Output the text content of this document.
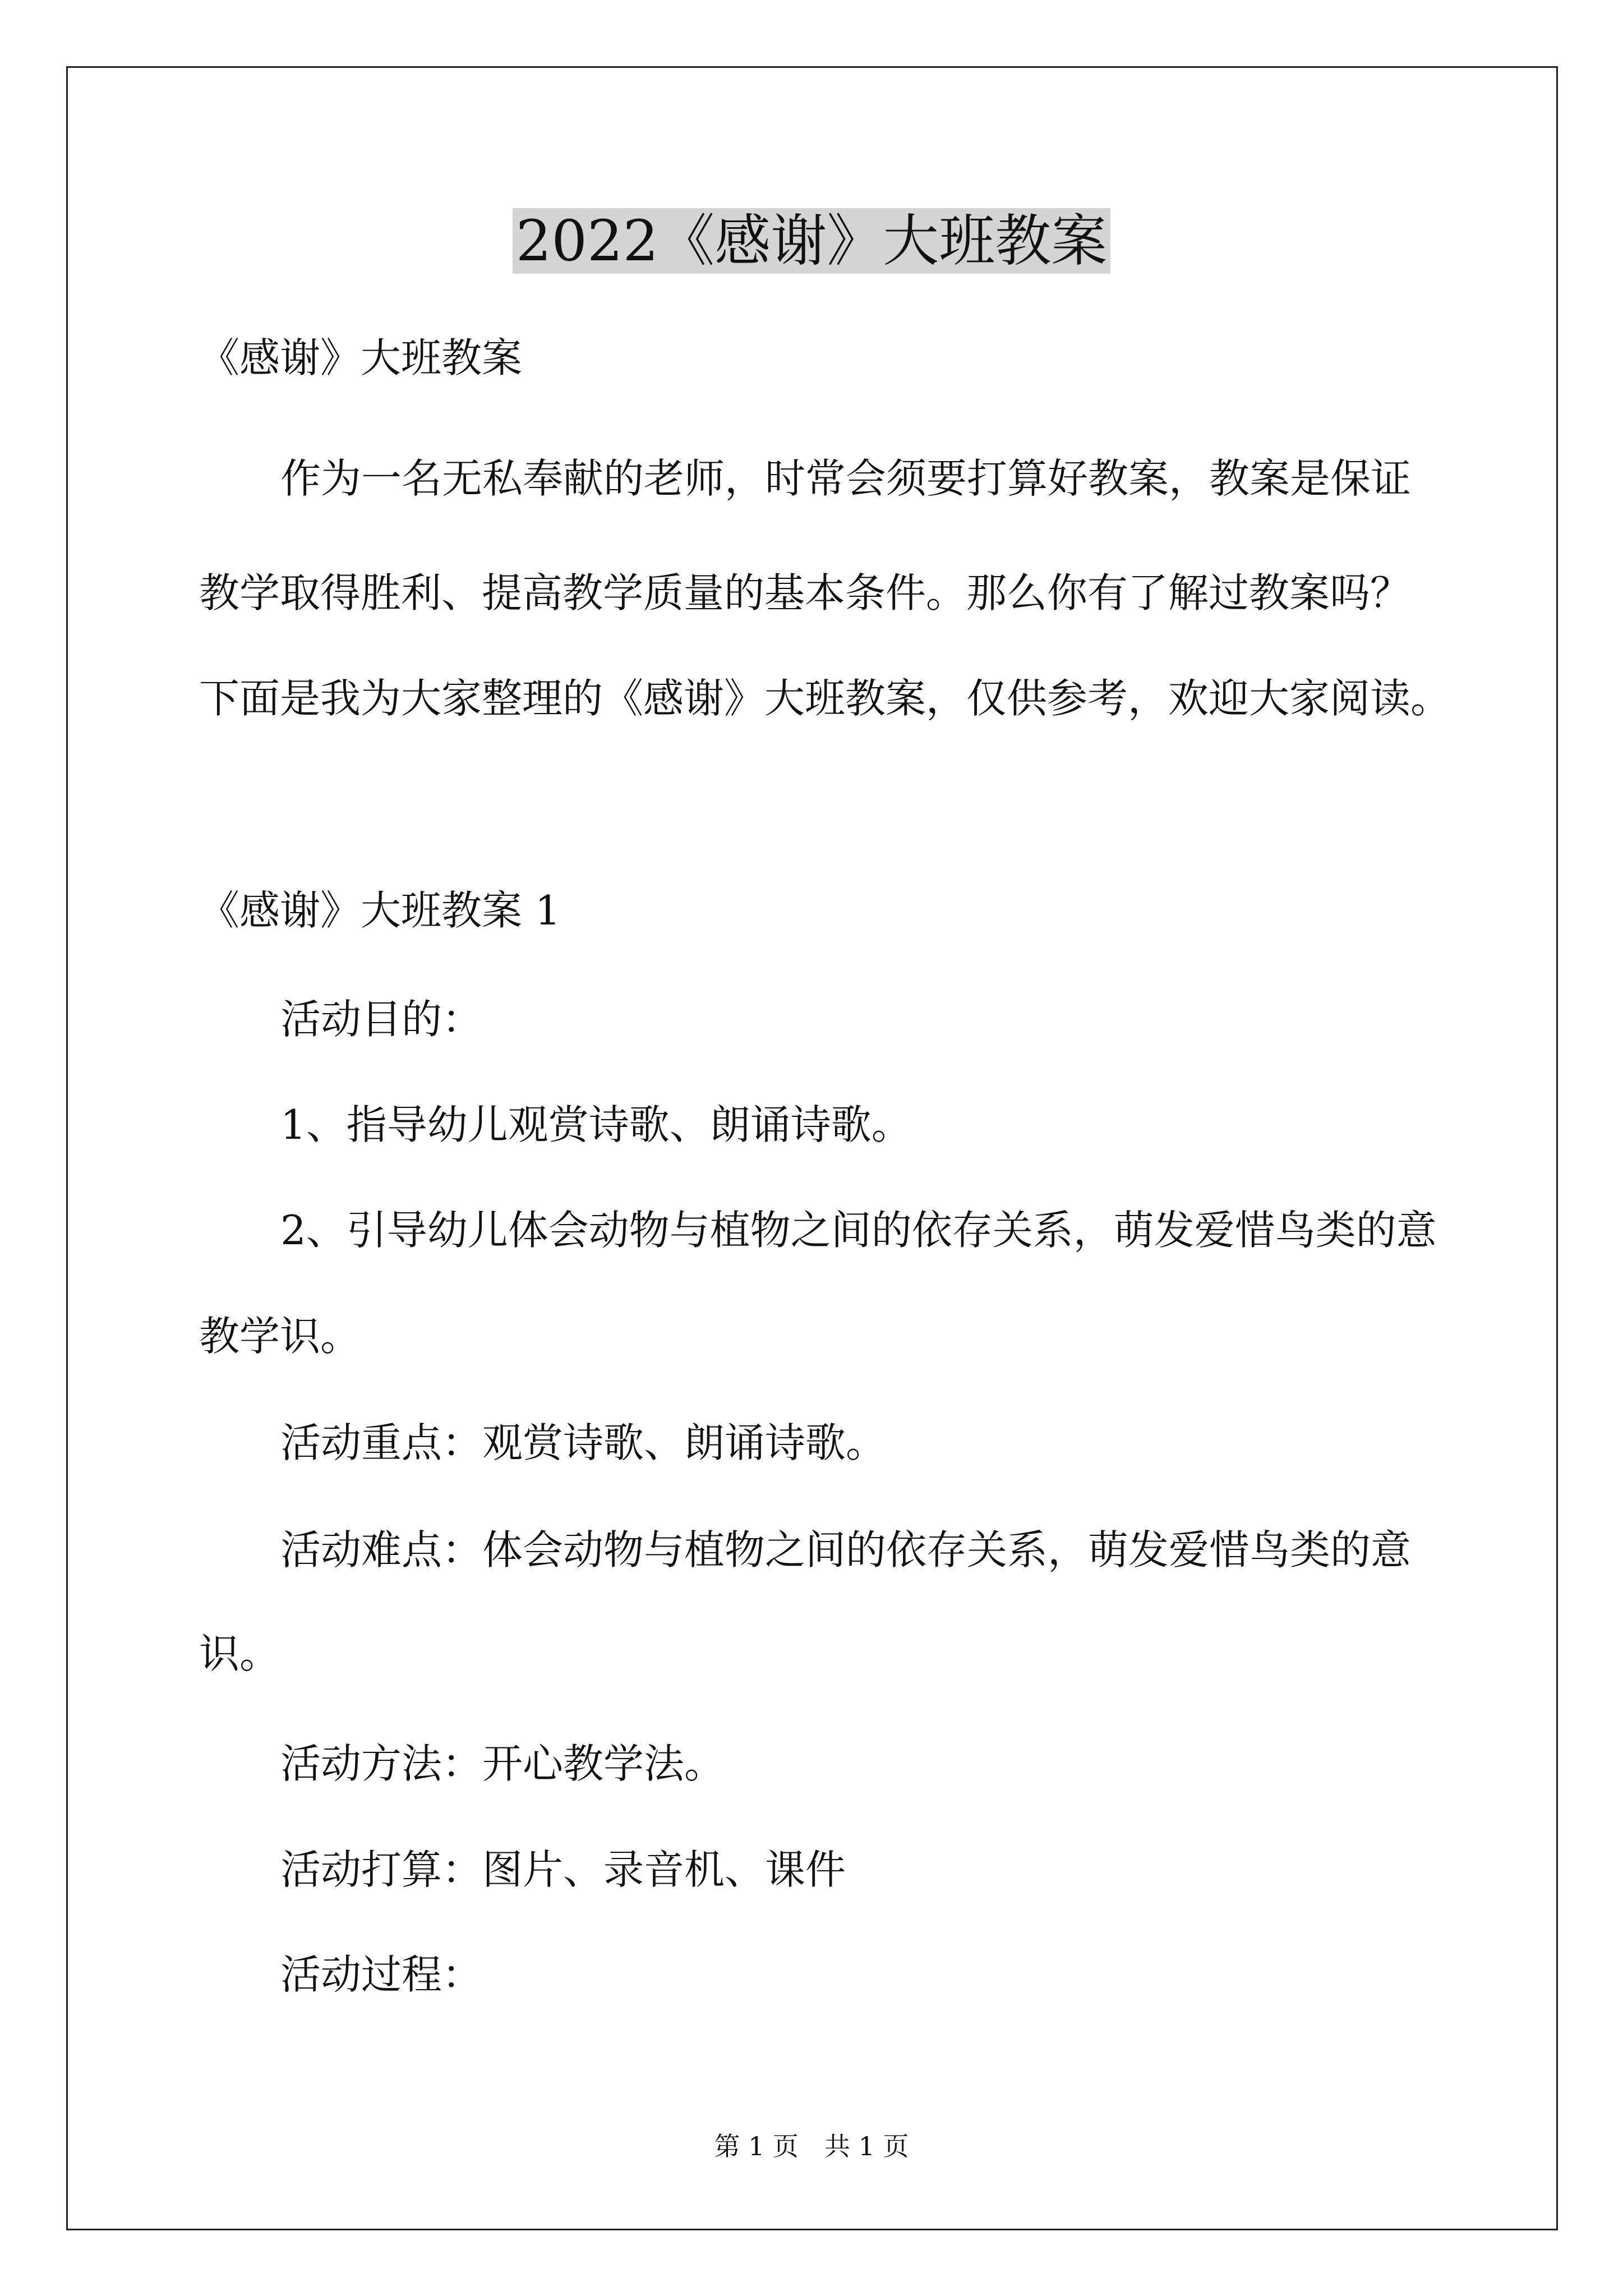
2022《感谢》大班教案
《感谢》大班教案
作为一名无私奉献的老师，时常会须要打算好教案，教案是保证
教学取得胜利、提高教学质量的基本条件。那么你有了解过教案吗？
下面是我为大家整理的《感谢》大班教案，仅供参考，欢迎大家阅读。
《感谢》大班教案 1
活动目的：
1、指导幼儿观赏诗歌、朗诵诗歌。
2、引导幼儿体会动物与植物之间的依存关系，萌发爱惜鸟类的意
教学识。
活动重点：观赏诗歌、朗诵诗歌。
活动难点：体会动物与植物之间的依存关系，萌发爱惜鸟类的意
识。
活动方法：开心教学法。
活动打算：图片、录音机、课件
活动过程：
第 1 页　共 1 页
